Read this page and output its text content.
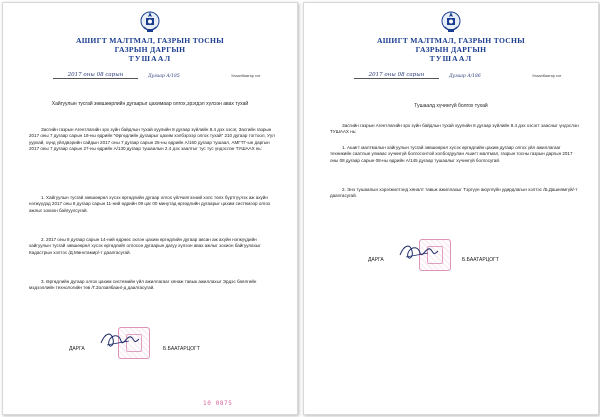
АШИГТ МАЛТМАЛ, ГАЗРЫН ТОСНЫ
ГАЗРЫН ДАРГЫН
ТУШААЛ
2017 оны 08 сарын	Дугаар А/185	Улаанбаатар хот
Хайгуулын тусгай зөвшөөрлийн дугаарыг цахимаар олгох,эрэгдэл хүлээн авах тухай
Засгийн газрын Агентлагийн эрх зүйн байдлын тухай хуулийн 8 дугаар зүйлийн 8.4 дэх хэсэг, Засгийн газрын 2017 оны 7 дугаар сарын 18-ны өдрийн "Өргөдлийн дугаарыг цахим хэлбэрээр олгох тухай" 210 дугаар тогтоол, Уул уурхай, хүнд үйлдвэрийн сайдын 2017 оны 7 дугаар сарын 25-ны өдрийн А/160 дугаар тушаал, АМГТГ-ын даргын 2017 оны 7 дугаар сарын 27-ны өдрийн А/130 дугаар тушаалын 2.4 дэх заалтыг тус тус үндэслэн ТУШААХ нь:
1. Хайгуулын тусгай зөвшөөрөл хүсэх өргөдлийн дугаар олгох үйлчилгээний хэлс төлх бүртгүүлэх аж ахуйн нэгжүүдэд 2017 оны 8 дугаар сарын 11-ний өдрийн 09 цаг 00 минутад өргөдлийн дугаарыг цахим системээр олгох ажлыг зохион байгуулсугай.
2. 2017 оны 8 дугаар сарын 14-ний өдрөөс эхлэн цахим өргөдлийн дугаар авсан аж ахуйн нэгжүүдийн хайгуулын тусгай зөвшөөрөл хүсэх өргөдлийг олгосон дугаарын дагуу хүлээн авах ажлыг зохион байгуулахыг Кадастрын хэлтэс /Д.Мөнхтамир/-т даалгасугай.
3. Өргөдлийн дугаар олгох цахим системийн үйл ажиллагааг хянаж тавьж ажиллахыг Эрдэс баялгийн мэдээллийн технологийн төв /Г.Золзаябаан/-д даалгасугай.
ДАРГА	Б.БААТАРЦОГТ
10 0875
АШИГТ МАЛТМАЛ, ГАЗРЫН ТОСНЫ
ГАЗРЫН ДАРГЫН
ТУШААЛ
2017 оны 08 сарын	Дугаар А/186	Улаанбаатар хот
Тушаалд хүчингүй болгох тухай
Засгийн газрын Агентлагийн эрх зүйн байдлын тухай хуулийн 8 дугаар зүйлийн 8.4 дэх хэсэгт заасныг үндэслэн ТУШААХ нь:
1. Ашигт малтмалын хайгуулын тусгай зөвшөөрөл хүсэх өргөдлийн цахим дугаар олгох үйл ажиллагааг техникийн саатлын улмаас хүчингүй болгосонтой холбогдуулан Ашигт малтмал, газрын тосны газрын даргын 2017 оны 08 дугаар сарын 08-ны өдрийн А/145 дугаар тушаалыг хүчингүй болгосугай.
2. Энэ тушаалын хэрэгжилтэнд хяналт тавьж ажиллахыг Тэргүүн аюулгүйн удирдлагын хэлтэс /Б.Дашнямгүй/-т даалгасугай.
ДАРГА	Б.БААТАРЦОГТ
